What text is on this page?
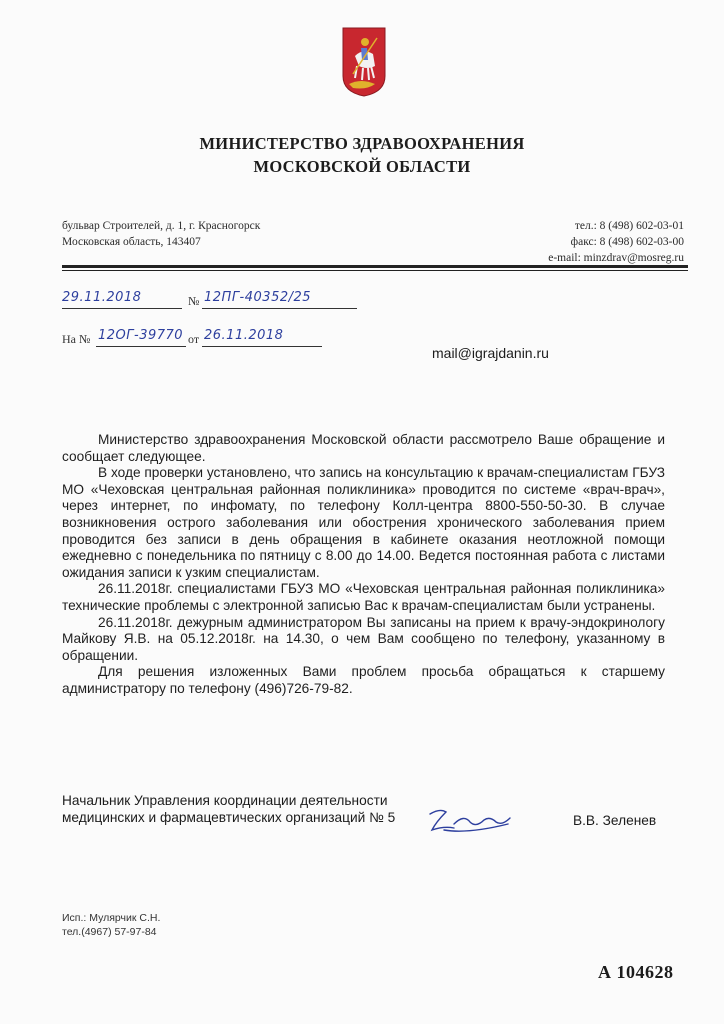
МИНИСТЕРСТВО ЗДРАВООХРАНЕНИЯ
МОСКОВСКОЙ ОБЛАСТИ
бульвар Строителей, д. 1, г. Красногорск
Московская область, 143407
тел.: 8 (498) 602-03-01
факс: 8 (498) 602-03-00
e-mail: minzdrav@mosreg.ru
29.11.2018	№ 12ПГ-40352/25
На № 12ОГ-39770 от 26.11.2018
mail@igrajdanin.ru

Министерство здравоохранения Московской области рассмотрело Ваше обращение и сообщает следующее.

В ходе проверки установлено, что запись на консультацию к врачам-специалистам ГБУЗ МО «Чеховская центральная районная поликлиника» проводится по системе «врач-врач», через интернет, по инфомату, по телефону Колл-центра 8800-550-50-30. В случае возникновения острого заболевания или обострения хронического заболевания прием проводится без записи в день обращения в кабинете оказания неотложной помощи ежедневно с понедельника по пятницу с 8.00 до 14.00. Ведется постоянная работа с листами ожидания записи к узким специалистам.

26.11.2018г. специалистами ГБУЗ МО «Чеховская центральная районная поликлиника» технические проблемы с электронной записью Вас к врачам-специалистам были устранены.

26.11.2018г. дежурным администратором Вы записаны на прием к врачу-эндокринологу Майкову Я.В. на 05.12.2018г. на 14.30, о чем Вам сообщено по телефону, указанному в обращении.

Для решения изложенных Вами проблем просьба обращаться к старшему администратору по телефону (496)726-79-82.

Начальник Управления координации деятельности
медицинских и фармацевтических организаций № 5	В.В. Зеленев
Исп.: Мулярчик С.Н.
тел.(4967) 57-97-84
А 104628
